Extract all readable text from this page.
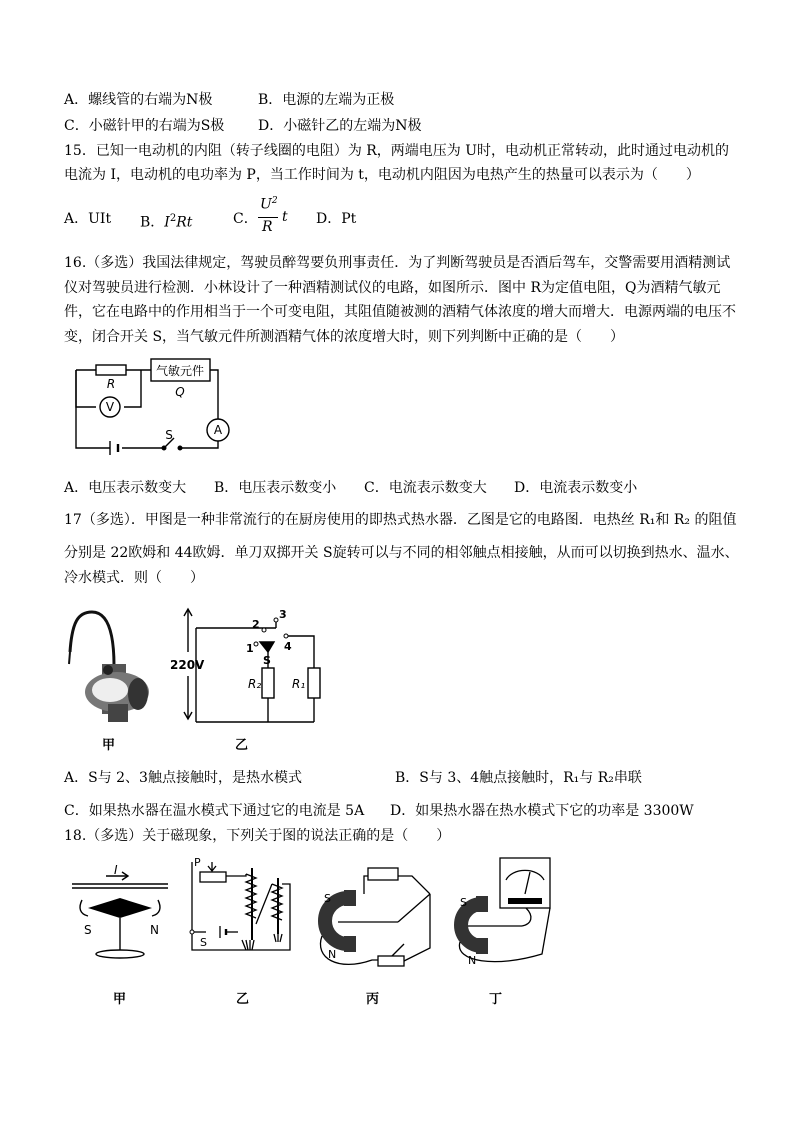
A．螺线管的右端为N极	B．电源的左端为正极
C．小磁针甲的右端为S极 D．小磁针乙的左端为N极
15．已知一电动机的内阻（转子线圈的电阻）为 R，两端电压为 U时，电动机正常转动，此时通过电动机的
电流为 I，电动机的电功率为 P，当工作时间为 t，电动机内阻因为电热产生的热量可以表示为（　　）
A．UIt B．$I^2Rt$	C．
$U^2$
R
t D．Pt
16.（多选）我国法律规定，驾驶员醉驾要负刑事责任．为了判断驾驶员是否酒后驾车，交警需要用酒精测试
仪对驾驶员进行检测．小林设计了一种酒精测试仪的电路，如图所示．图中 R为定值电阻，Q为酒精气敏元
件，它在电路中的作用相当于一个可变电阻，其阻值随被测的酒精气体浓度的增大而增大．电源两端的电压不
变，闭合开关 S，当气敏元件所测酒精气体的浓度增大时，则下列判断中正确的是（　　）
气敏元件
Q
R
V
A
S
A．电压表示数变大 B．电压表示数变小 C．电流表示数变大 D．电流表示数变小
17（多选）．甲图是一种非常流行的在厨房使用的即热式热水器．乙图是它的电路图．电热丝 R₁和 R₂ 的阻值
分别是 22欧姆和 44欧姆．单刀双掷开关 S旋转可以与不同的相邻触点相接触，从而可以切换到热水、温水、
冷水模式．则（　　）
甲
220V
1
2
3
4
S
R₂	R₁
乙
A．S与 2、3触点接触时，是热水模式	B．S与 3、4触点接触时，R₁与 R₂串联
C．如果热水器在温水模式下通过它的电流是 5A D．如果热水器在热水模式下它的功率是 3300W
18.（多选）关于磁现象，下列关于图的说法正确的是（　　）
I
S	N
甲
P
S
乙
S
N
丙
S
N
丁
